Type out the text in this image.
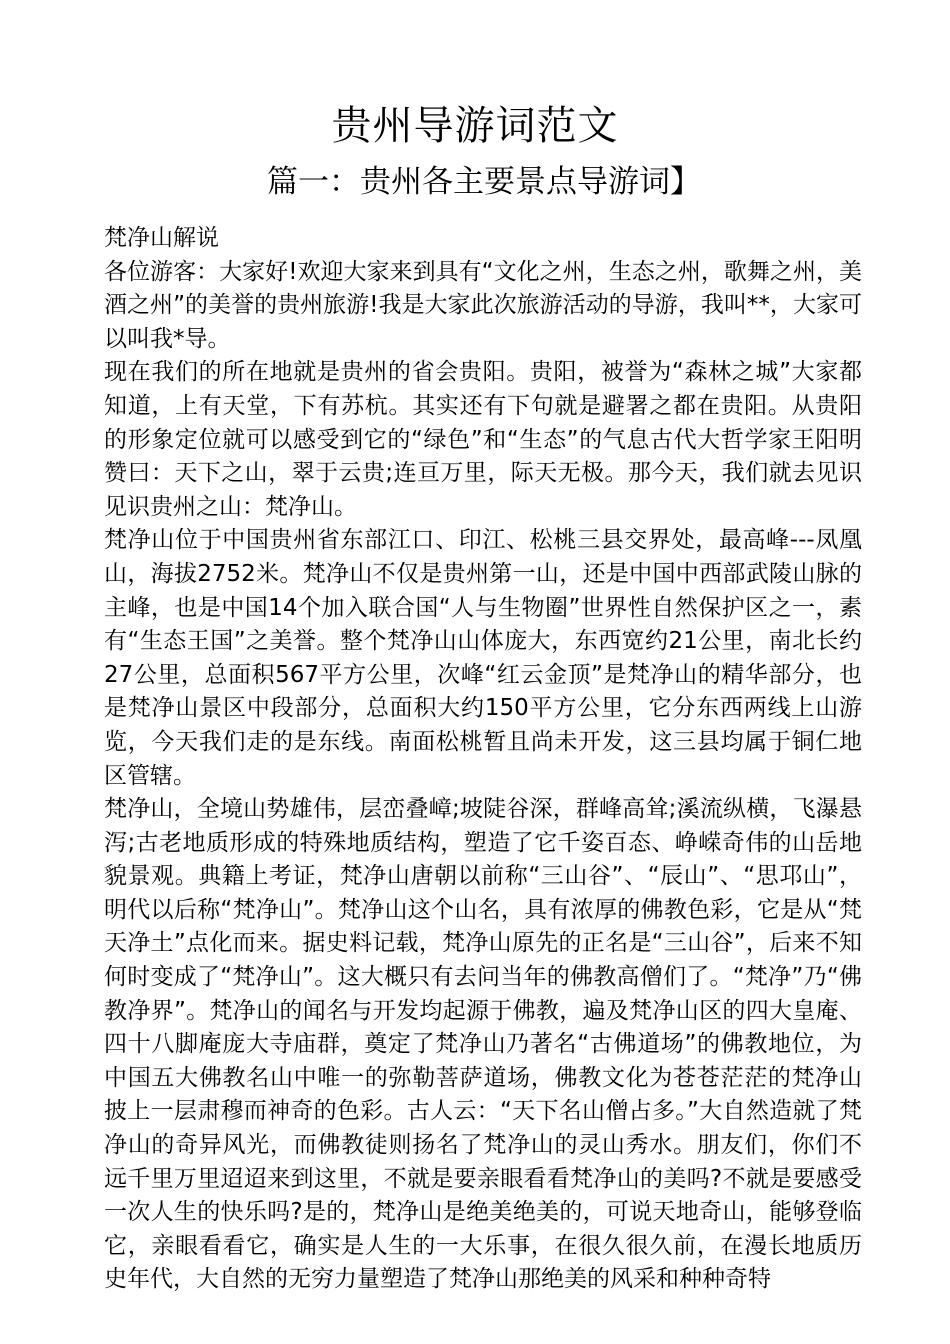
贵州导游词范文
篇一：贵州各主要景点导游词】

梵净山解说

各位游客：大家好!欢迎大家来到具有“文化之州，生态之州，歌舞之州，美酒之州”的美誉的贵州旅游!我是大家此次旅游活动的导游，我叫**，大家可以叫我*导。

现在我们的所在地就是贵州的省会贵阳。贵阳，被誉为“森林之城”大家都知道，上有天堂，下有苏杭。其实还有下句就是避署之都在贵阳。从贵阳的形象定位就可以感受到它的“绿色”和“生态”的气息古代大哲学家王阳明赞曰：天下之山，翠于云贵;连亘万里，际天无极。那今天，我们就去见识见识贵州之山：梵净山。

梵净山位于中国贵州省东部江口、印江、松桃三县交界处，最高峰---凤凰山，海拔2752米。梵净山不仅是贵州第一山，还是中国中西部武陵山脉的主峰，也是中国14个加入联合国“人与生物圈”世界性自然保护区之一，素有“生态王国”之美誉。整个梵净山山体庞大，东西宽约21公里，南北长约27公里，总面积567平方公里，次峰“红云金顶”是梵净山的精华部分，也是梵净山景区中段部分，总面积大约150平方公里，它分东西两线上山游览，今天我们走的是东线。南面松桃暂且尚未开发，这三县均属于铜仁地区管辖。

梵净山，全境山势雄伟，层峦叠嶂;坡陡谷深，群峰高耸;溪流纵横，飞瀑悬泻;古老地质形成的特殊地质结构，塑造了它千姿百态、峥嵘奇伟的山岳地貌景观。典籍上考证，梵净山唐朝以前称“三山谷”、“辰山”、“思邛山”，明代以后称“梵净山”。梵净山这个山名，具有浓厚的佛教色彩，它是从“梵天净土”点化而来。据史料记载，梵净山原先的正名是“三山谷”，后来不知何时变成了“梵净山”。这大概只有去问当年的佛教高僧们了。“梵净”乃“佛教净界”。梵净山的闻名与开发均起源于佛教，遍及梵净山区的四大皇庵、四十八脚庵庞大寺庙群，奠定了梵净山乃著名“古佛道场”的佛教地位，为中国五大佛教名山中唯一的弥勒菩萨道场，佛教文化为苍苍茫茫的梵净山披上一层肃穆而神奇的色彩。古人云：“天下名山僧占多。”大自然造就了梵净山的奇异风光，而佛教徒则扬名了梵净山的灵山秀水。朋友们，你们不远千里万里迢迢来到这里，不就是要亲眼看看梵净山的美吗?不就是要感受一次人生的快乐吗?是的，梵净山是绝美绝美的，可说天地奇山，能够登临它，亲眼看看它，确实是人生的一大乐事，在很久很久前，在漫长地质历史年代，大自然的无穷力量塑造了梵净山那绝美的风采和种种奇特
